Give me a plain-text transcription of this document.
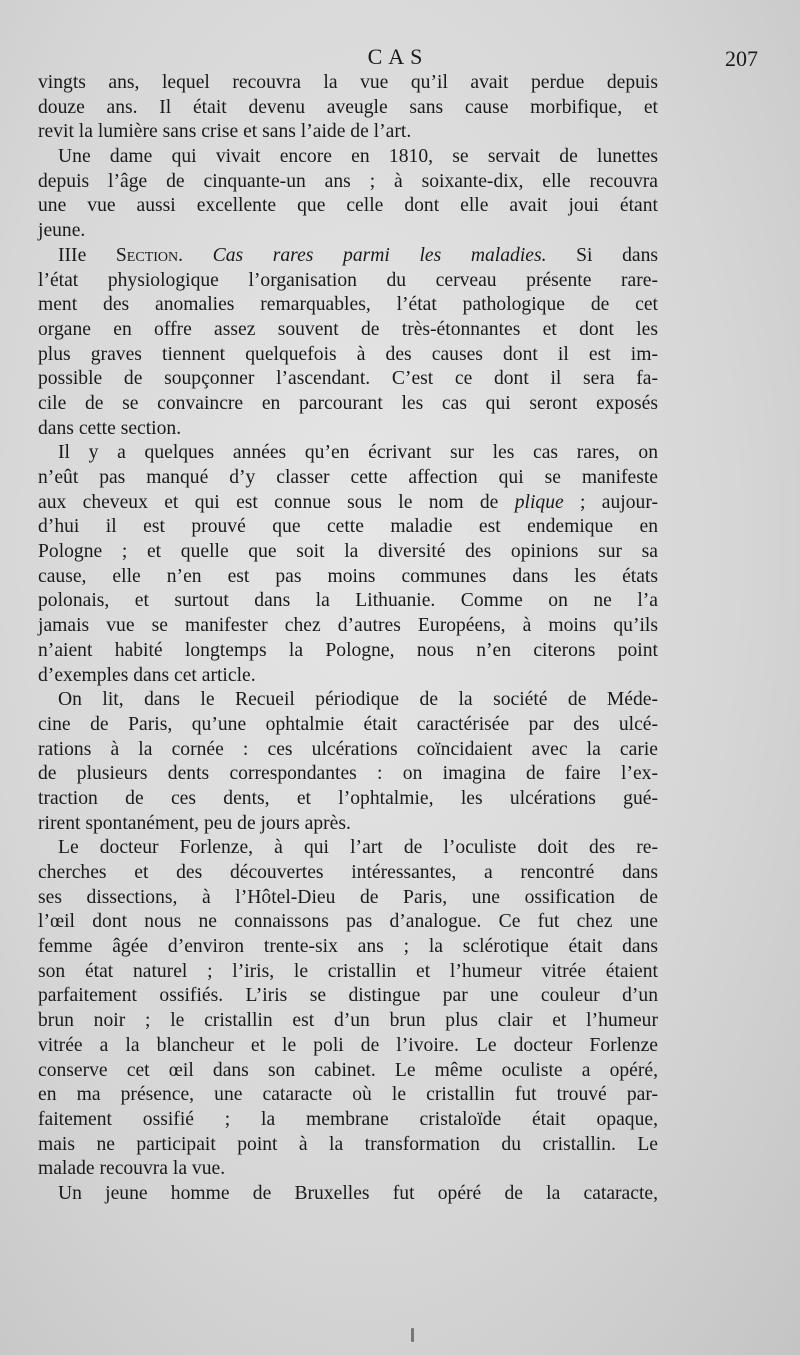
CAS	207
vingts ans, lequel recouvra la vue qu’il avait perdue depuis
douze ans. Il était devenu aveugle sans cause morbifique, et
revit la lumière sans crise et sans l’aide de l’art.
Une dame qui vivait encore en 1810, se servait de lunettes
depuis l’âge de cinquante-un ans ; à soixante-dix, elle recouvra
une vue aussi excellente que celle dont elle avait joui étant
jeune.
IIIe Section. Cas rares parmi les maladies. Si dans
l’état physiologique l’organisation du cerveau présente rare-
ment des anomalies remarquables, l’état pathologique de cet
organe en offre assez souvent de très-étonnantes et dont les
plus graves tiennent quelquefois à des causes dont il est im-
possible de soupçonner l’ascendant. C’est ce dont il sera fa-
cile de se convaincre en parcourant les cas qui seront exposés
dans cette section.
Il y a quelques années qu’en écrivant sur les cas rares, on
n’eût pas manqué d’y classer cette affection qui se manifeste
aux cheveux et qui est connue sous le nom de plique ; aujour-
d’hui il est prouvé que cette maladie est endemique en
Pologne ; et quelle que soit la diversité des opinions sur sa
cause, elle n’en est pas moins communes dans les états
polonais, et surtout dans la Lithuanie. Comme on ne l’a
jamais vue se manifester chez d’autres Européens, à moins qu’ils
n’aient habité longtemps la Pologne, nous n’en citerons point
d’exemples dans cet article.
On lit, dans le Recueil périodique de la société de Méde-
cine de Paris, qu’une ophtalmie était caractérisée par des ulcé-
rations à la cornée : ces ulcérations coïncidaient avec la carie
de plusieurs dents correspondantes : on imagina de faire l’ex-
traction de ces dents, et l’ophtalmie, les ulcérations gué-
rirent spontanément, peu de jours après.
Le docteur Forlenze, à qui l’art de l’oculiste doit des re-
cherches et des découvertes intéressantes, a rencontré dans
ses dissections, à l’Hôtel-Dieu de Paris, une ossification de
l’œil dont nous ne connaissons pas d’analogue. Ce fut chez une
femme âgée d’environ trente-six ans ; la sclérotique était dans
son état naturel ; l’iris, le cristallin et l’humeur vitrée étaient
parfaitement ossifiés. L’iris se distingue par une couleur d’un
brun noir ; le cristallin est d’un brun plus clair et l’humeur
vitrée a la blancheur et le poli de l’ivoire. Le docteur Forlenze
conserve cet œil dans son cabinet. Le même oculiste a opéré,
en ma présence, une cataracte où le cristallin fut trouvé par-
faitement ossifié ; la membrane cristaloïde était opaque,
mais ne participait point à la transformation du cristallin. Le
malade recouvra la vue.
Un jeune homme de Bruxelles fut opéré de la cataracte,
